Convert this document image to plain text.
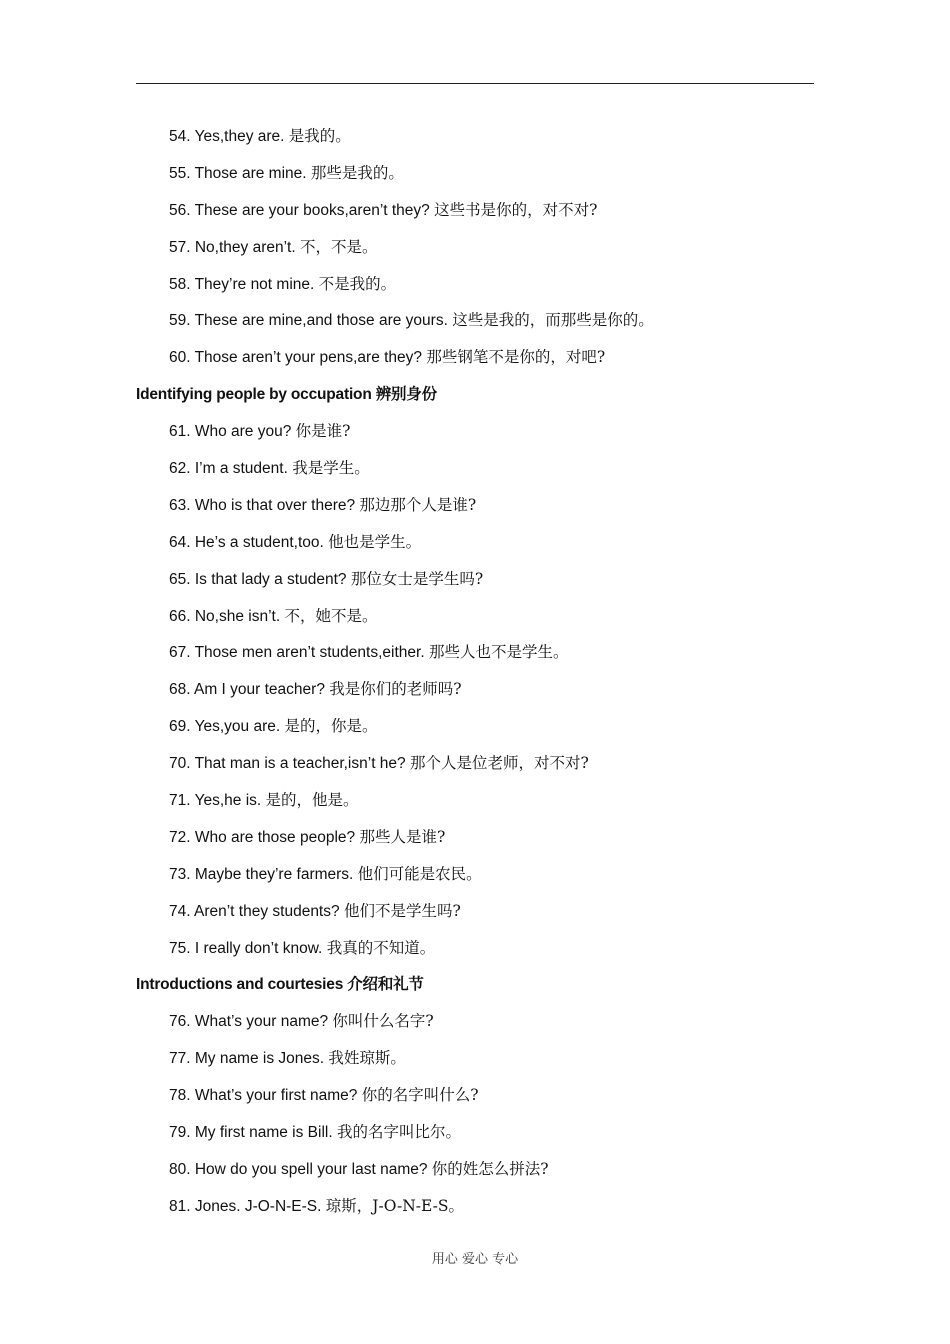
54. Yes,they are. 是我的。
55. Those are mine. 那些是我的。
56. These are your books,aren’t they? 这些书是你的，对不对?
57. No,they aren’t. 不，不是。
58. They’re not mine. 不是我的。
59. These are mine,and those are yours. 这些是我的，而那些是你的。
60. Those aren’t your pens,are they? 那些钢笔不是你的，对吧?
Identifying people by occupation 辨别身份
61. Who are you? 你是谁?
62. I’m a student. 我是学生。
63. Who is that over there? 那边那个人是谁?
64. He’s a student,too. 他也是学生。
65. Is that lady a student? 那位女士是学生吗?
66. No,she isn’t. 不，她不是。
67. Those men aren’t students,either. 那些人也不是学生。
68. Am I your teacher? 我是你们的老师吗?
69. Yes,you are. 是的，你是。
70. That man is a teacher,isn’t he? 那个人是位老师，对不对?
71. Yes,he is. 是的，他是。
72. Who are those people? 那些人是谁?
73. Maybe they’re farmers. 他们可能是农民。
74. Aren’t they students? 他们不是学生吗?
75. I really don’t know. 我真的不知道。
Introductions and courtesies 介绍和礼节
76. What’s your name? 你叫什么名字?
77. My name is Jones. 我姓琼斯。
78. What’s your first name? 你的名字叫什么?
79. My first name is Bill. 我的名字叫比尔。
80. How do you spell your last name? 你的姓怎么拼法?
81. Jones. J-O-N-E-S. 琼斯，J-O-N-E-S。
用心 爱心 专心
